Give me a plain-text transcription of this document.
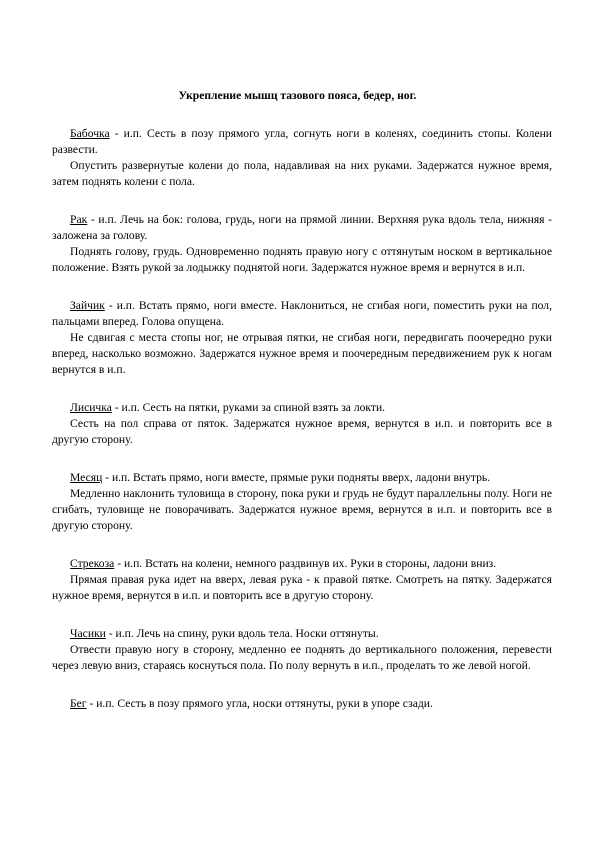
Укрепление мышц тазового пояса, бедер, ног.

Бабочка - и.п. Сесть в позу прямого угла, согнуть ноги в коленях, соединить стопы. Колени развести.

Опустить развернутые колени до пола, надавливая на них руками. Задержатся нужное время, затем поднять колени с пола.

Рак - и.п. Лечь на бок: голова, грудь, ноги на прямой линии. Верхняя рука вдоль тела, нижняя - заложена за голову.

Поднять голову, грудь. Одновременно поднять правую ногу с оттянутым носком в вертикальное положение. Взять рукой за лодыжку поднятой ноги. Задержатся нужное время и вернутся в и.п.

Зайчик - и.п. Встать прямо, ноги вместе. Наклониться, не сгибая ноги, поместить руки на пол, пальцами вперед. Голова опущена.

Не сдвигая с места стопы ног, не отрывая пятки, не сгибая ноги, передвигать поочередно руки вперед, насколько возможно. Задержатся нужное время и поочередным передвижением рук к ногам вернутся в и.п.

Лисичка - и.п. Сесть на пятки, руками за спиной взять за локти.

Сесть на пол справа от пяток. Задержатся нужное время, вернутся в и.п. и повторить все в другую сторону.

Месяц - и.п. Встать прямо, ноги вместе, прямые руки подняты вверх, ладони внутрь.

Медленно наклонить туловища в сторону, пока руки и грудь не будут параллельны полу. Ноги не сгибать, туловище не поворачивать. Задержатся нужное время, вернутся в и.п. и повторить все в другую сторону.

Стрекоза - и.п. Встать на колени, немного раздвинув их. Руки в стороны, ладони вниз.

Прямая правая рука идет на вверх, левая рука - к правой пятке. Смотреть на пятку. Задержатся нужное время, вернутся в и.п. и повторить все в другую сторону.

Часики - и.п. Лечь на спину, руки вдоль тела. Носки оттянуты.

Отвести правую ногу в сторону, медленно ее поднять до вертикального положения, перевести через левую вниз, стараясь коснуться пола. По полу вернуть в и.п., проделать то же левой ногой.

Бег - и.п. Сесть в позу прямого угла, носки оттянуты, руки в упоре сзади.
